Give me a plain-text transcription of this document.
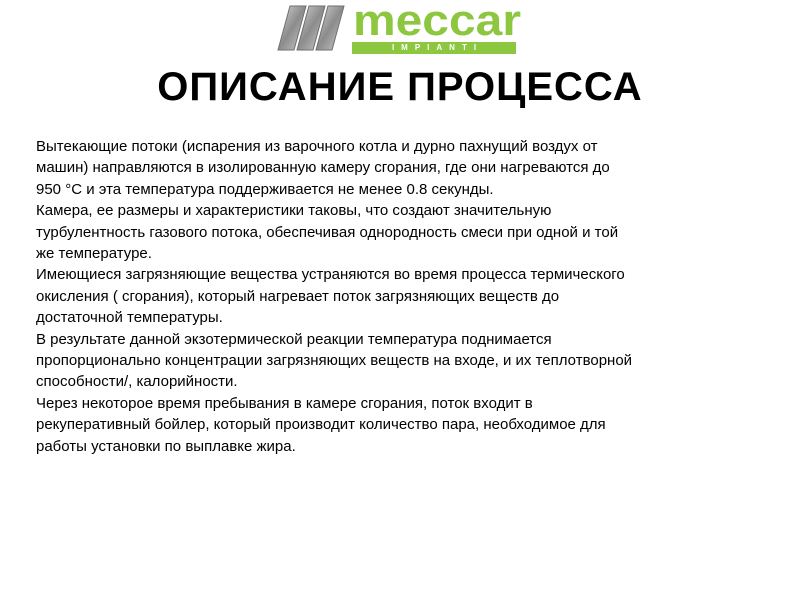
meccar
IMPIANTI
ОПИСАНИЕ ПРОЦЕССА

Вытекающие потоки (испарения из варочного котла и дурно пахнущий воздух от
машин) направляются в изолированную камеру сгорания, где они нагреваются до
950 °С и эта температура поддерживается не менее 0.8 секунды.

Камера, ее размеры и характеристики таковы, что создают значительную
турбулентность газового потока, обеспечивая однородность смеси при одной и той
же температуре.

Имеющиеся загрязняющие вещества устраняются во время процесса термического
окисления ( сгорания), который нагревает поток загрязняющих веществ до
достаточной температуры.

В результате данной экзотермической реакции температура поднимается
пропорционально концентрации загрязняющих веществ на входе, и их теплотворной
способности/, калорийности.

Через некоторое время пребывания в камере сгорания, поток входит в
рекуперативный бойлер, который производит количество пара, необходимое для
работы установки по выплавке жира.
